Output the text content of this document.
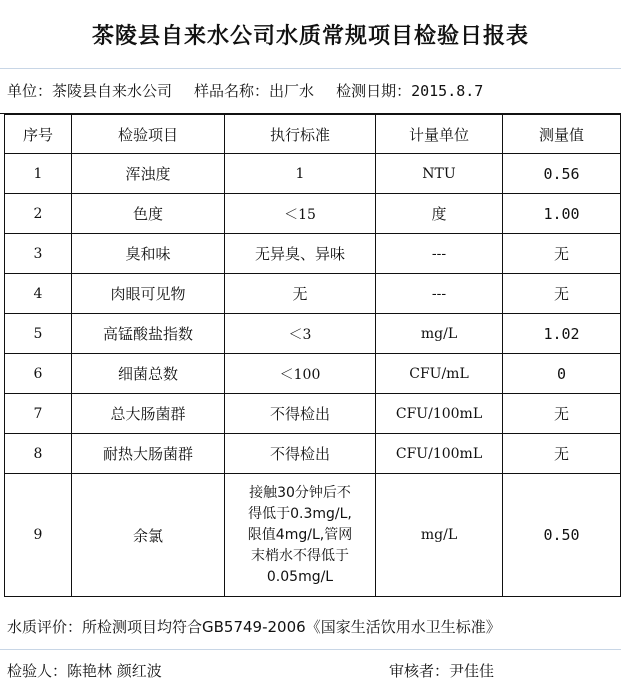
茶陵县自来水公司水质常规项目检验日报表
单位： 茶陵县自来水公司 样品名称： 出厂水 检测日期： 2015.8.7
序号	检验项目	执行标准	计量单位	测量值
1	浑浊度	1	NTU	0.56
2	色度	＜15	度	1.00
3	臭和味	无异臭、异味	---	无
4	肉眼可见物	无	---	无
5	高锰酸盐指数	＜3	mg/L	1.02
6	细菌总数	＜100	CFU/mL	0
7	总大肠菌群	不得检出	CFU/100mL	无
8	耐热大肠菌群	不得检出	CFU/100mL	无
9	余氯	接触30分钟后不
得低于0.3mg/L,
限值4mg/L,管网
末梢水不得低于
0.05mg/L	mg/L	0.50
水质评价： 所检测项目均符合GB5749-2006《国家生活饮用水卫生标准》
检验人：陈艳林 颜红波	审核者：尹佳佳
